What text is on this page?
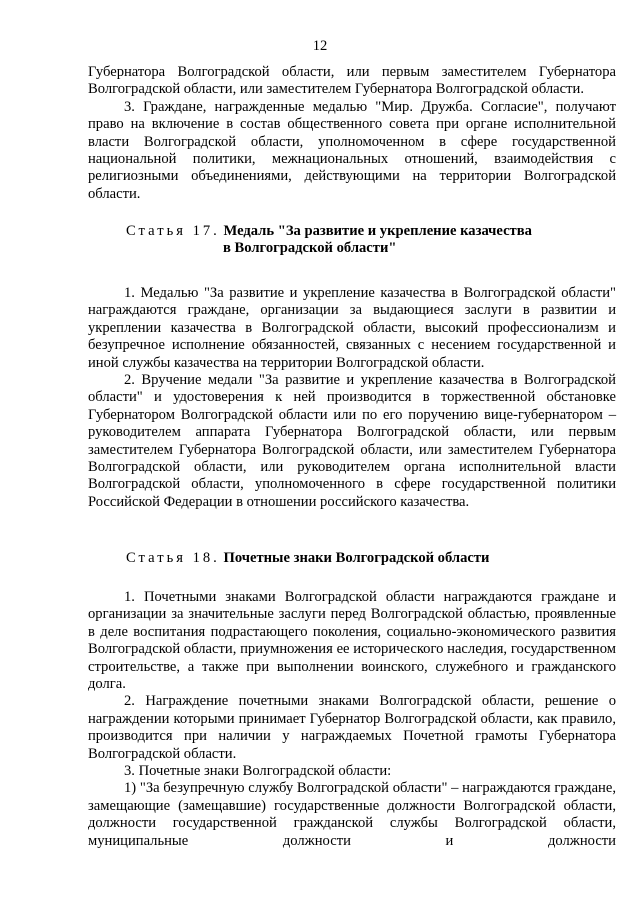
12

Губернатора Волгоградской области, или первым заместителем Губернатора Волгоградской области, или заместителем Губернатора Волгоградской области.

3. Граждане, награжденные медалью "Мир. Дружба. Согласие", получают право на включение в состав общественного совета при органе исполнительной власти Волгоградской области, уполномоченном в сфере государственной национальной политики, межнациональных отношений, взаимодействия с религиозными объединениями, действующими на территории Волгоградской области.

Статья 17. Медаль "За развитие и укрепление казачества
в Волгоградской области"

1. Медалью "За развитие и укрепление казачества в Волгоградской области" награждаются граждане, организации за выдающиеся заслуги в развитии и укреплении казачества в Волгоградской области, высокий профессионализм и безупречное исполнение обязанностей, связанных с несением государственной и иной службы казачества на территории Волгоградской области.

2. Вручение медали "За развитие и укрепление казачества в Волгоградской области" и удостоверения к ней производится в торжественной обстановке Губернатором Волгоградской области или по его поручению вице-губернатором – руководителем аппарата Губернатора Волгоградской области, или первым заместителем Губернатора Волгоградской области, или заместителем Губернатора Волгоградской области, или руководителем органа исполнительной власти Волгоградской области, уполномоченного в сфере государственной политики Российской Федерации в отношении российского казачества.

Статья 18. Почетные знаки Волгоградской области

1. Почетными знаками Волгоградской области награждаются граждане и организации за значительные заслуги перед Волгоградской областью, проявленные в деле воспитания подрастающего поколения, социально-экономического развития Волгоградской области, приумножения ее исторического наследия, государственном строительстве, а также при выполнении воинского, служебного и гражданского долга.

2. Награждение почетными знаками Волгоградской области, решение о награждении которыми принимает Губернатор Волгоградской области, как правило, производится при наличии у награждаемых Почетной грамоты Губернатора Волгоградской области.

3. Почетные знаки Волгоградской области:

1) "За безупречную службу Волгоградской области" – награждаются граждане, замещающие (замещавшие) государственные должности Волгоградской области, должности государственной гражданской службы Волгоградской области, муниципальные должности и должности
